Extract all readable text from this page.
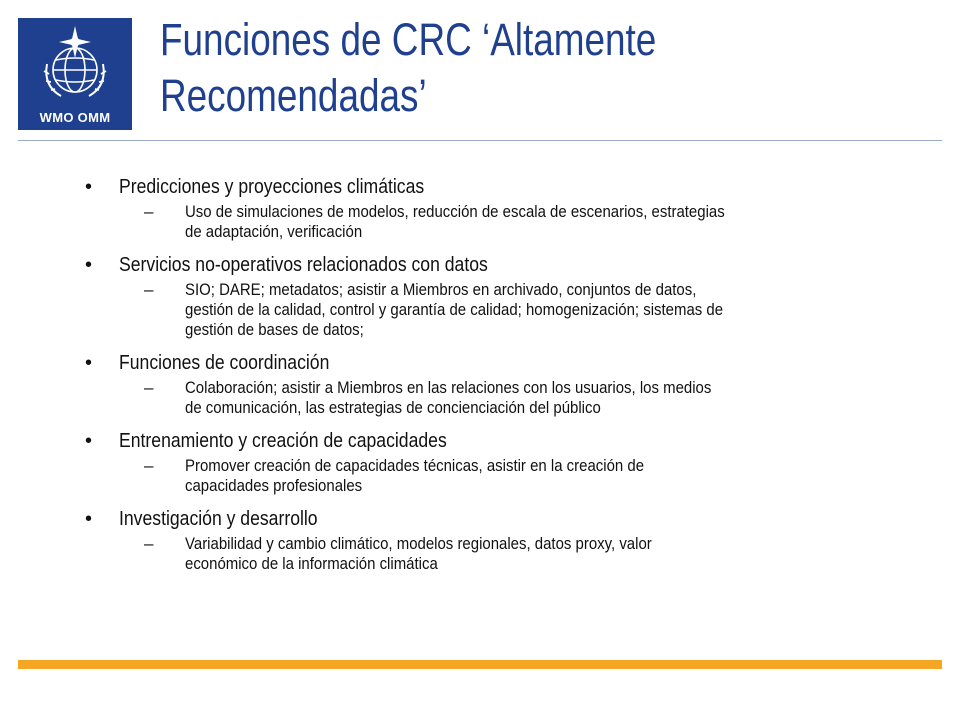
WMO OMM
Funciones de CRC ‘Altamente
Recomendadas’
• Predicciones y proyecciones climáticas
– Uso de simulaciones de modelos, reducción de escala de escenarios, estrategias
de adaptación, verificación
• Servicios no-operativos relacionados con datos
– SIO; DARE; metadatos; asistir a Miembros en archivado, conjuntos de datos,
gestión de la calidad, control y garantía de calidad; homogenización; sistemas de
gestión de bases de datos;
• Funciones de coordinación
– Colaboración; asistir a Miembros en las relaciones con los usuarios, los medios
de comunicación, las estrategias de concienciación del público
• Entrenamiento y creación de capacidades
– Promover creación de capacidades técnicas, asistir en la creación de
capacidades profesionales
• Investigación y desarrollo
– Variabilidad y cambio climático, modelos regionales, datos proxy, valor
económico de la información climática
